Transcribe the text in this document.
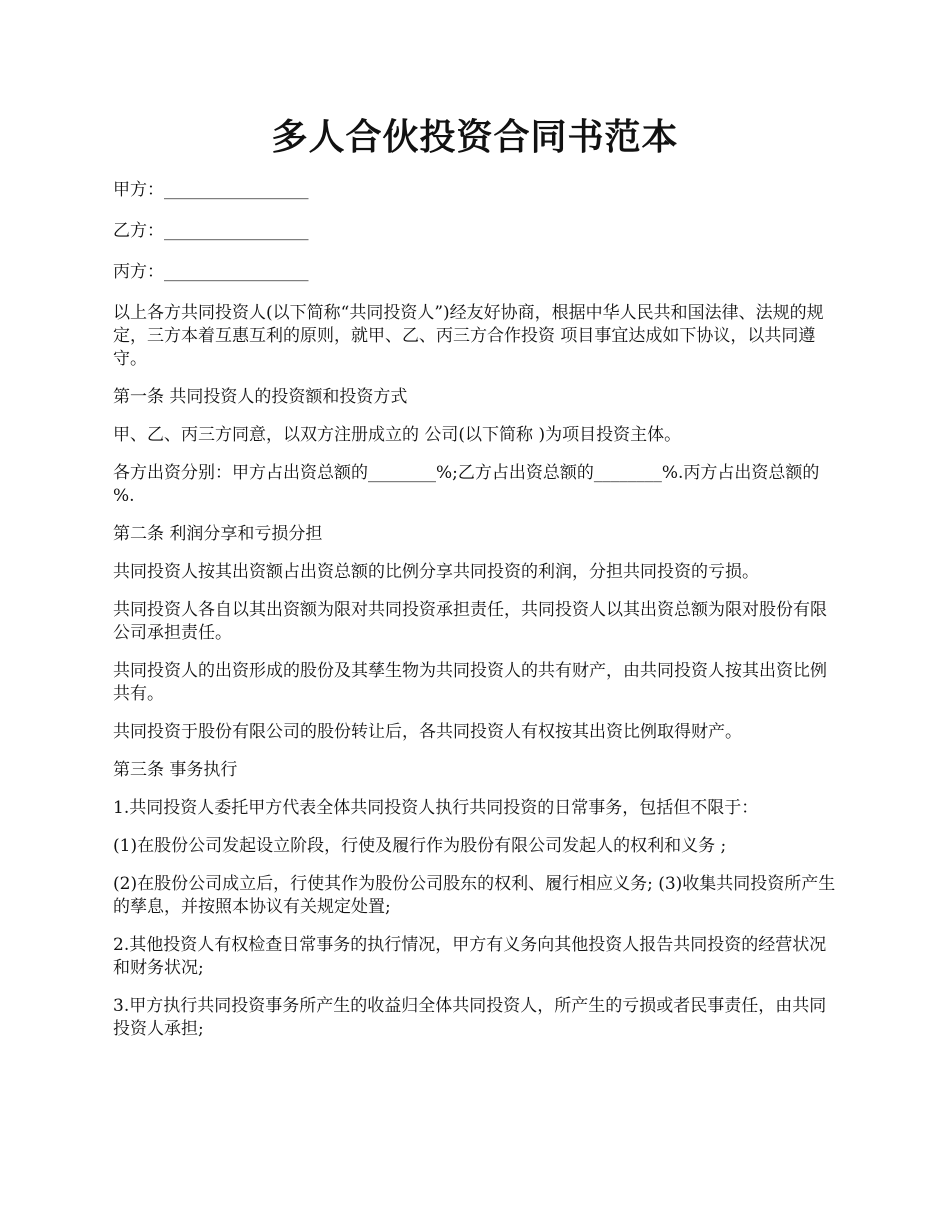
多人合伙投资合同书范本

甲方：_________________

乙方：_________________

丙方：_________________

以上各方共同投资人(以下简称“共同投资人”)经友好协商，根据中华人民共和国法律、法规的规定，三方本着互惠互利的原则，就甲、乙、丙三方合作投资 项目事宜达成如下协议，以共同遵守。

第一条 共同投资人的投资额和投资方式

甲、乙、丙三方同意，以双方注册成立的 公司(以下简称 )为项目投资主体。

各方出资分别：甲方占出资总额的________%;乙方占出资总额的________%.丙方占出资总额的 %.

第二条 利润分享和亏损分担

共同投资人按其出资额占出资总额的比例分享共同投资的利润，分担共同投资的亏损。

共同投资人各自以其出资额为限对共同投资承担责任，共同投资人以其出资总额为限对股份有限公司承担责任。

共同投资人的出资形成的股份及其孳生物为共同投资人的共有财产，由共同投资人按其出资比例共有。

共同投资于股份有限公司的股份转让后，各共同投资人有权按其出资比例取得财产。

第三条 事务执行

1.共同投资人委托甲方代表全体共同投资人执行共同投资的日常事务，包括但不限于：

(1)在股份公司发起设立阶段，行使及履行作为股份有限公司发起人的权利和义务 ;

(2)在股份公司成立后，行使其作为股份公司股东的权利、履行相应义务; (3)收集共同投资所产生的孳息，并按照本协议有关规定处置;

2.其他投资人有权检查日常事务的执行情况，甲方有义务向其他投资人报告共同投资的经营状况和财务状况;

3.甲方执行共同投资事务所产生的收益归全体共同投资人，所产生的亏损或者民事责任，由共同投资人承担;
